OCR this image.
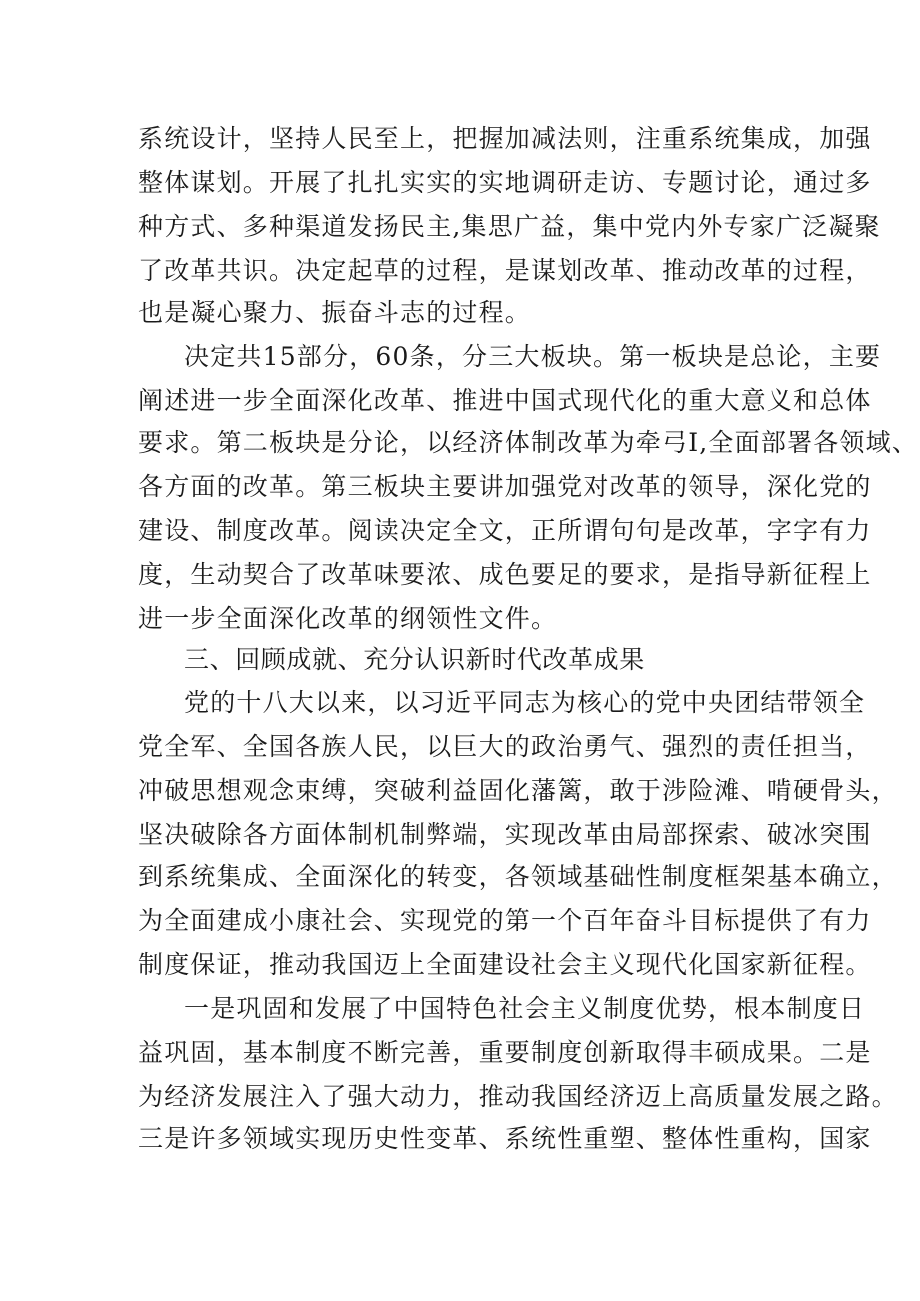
系统设计，坚持人民至上，把握加减法则，注重系统集成，加强
整体谋划。开展了扎扎实实的实地调研走访、专题讨论，通过多
种方式、多种渠道发扬民主,集思广益，集中党内外专家广泛凝聚
了改革共识。决定起草的过程，是谋划改革、推动改革的过程，
也是凝心聚力、振奋斗志的过程。
决定共15部分，60条，分三大板块。第一板块是总论，主要
阐述进一步全面深化改革、推进中国式现代化的重大意义和总体
要求。第二板块是分论，以经济体制改革为牵弓I,全面部署各领域、
各方面的改革。第三板块主要讲加强党对改革的领导，深化党的
建设、制度改革。阅读决定全文，正所谓句句是改革，字字有力
度，生动契合了改革味要浓、成色要足的要求，是指导新征程上
进一步全面深化改革的纲领性文件。
三、回顾成就、充分认识新时代改革成果
党的十八大以来，以习近平同志为核心的党中央团结带领全
党全军、全国各族人民，以巨大的政治勇气、强烈的责任担当，
冲破思想观念束缚，突破利益固化藩篱，敢于涉险滩、啃硬骨头，
坚决破除各方面体制机制弊端，实现改革由局部探索、破冰突围
到系统集成、全面深化的转变，各领域基础性制度框架基本确立，
为全面建成小康社会、实现党的第一个百年奋斗目标提供了有力
制度保证，推动我国迈上全面建设社会主义现代化国家新征程。
一是巩固和发展了中国特色社会主义制度优势，根本制度日
益巩固，基本制度不断完善，重要制度创新取得丰硕成果。二是
为经济发展注入了强大动力，推动我国经济迈上高质量发展之路。
三是许多领域实现历史性变革、系统性重塑、整体性重构，国家
